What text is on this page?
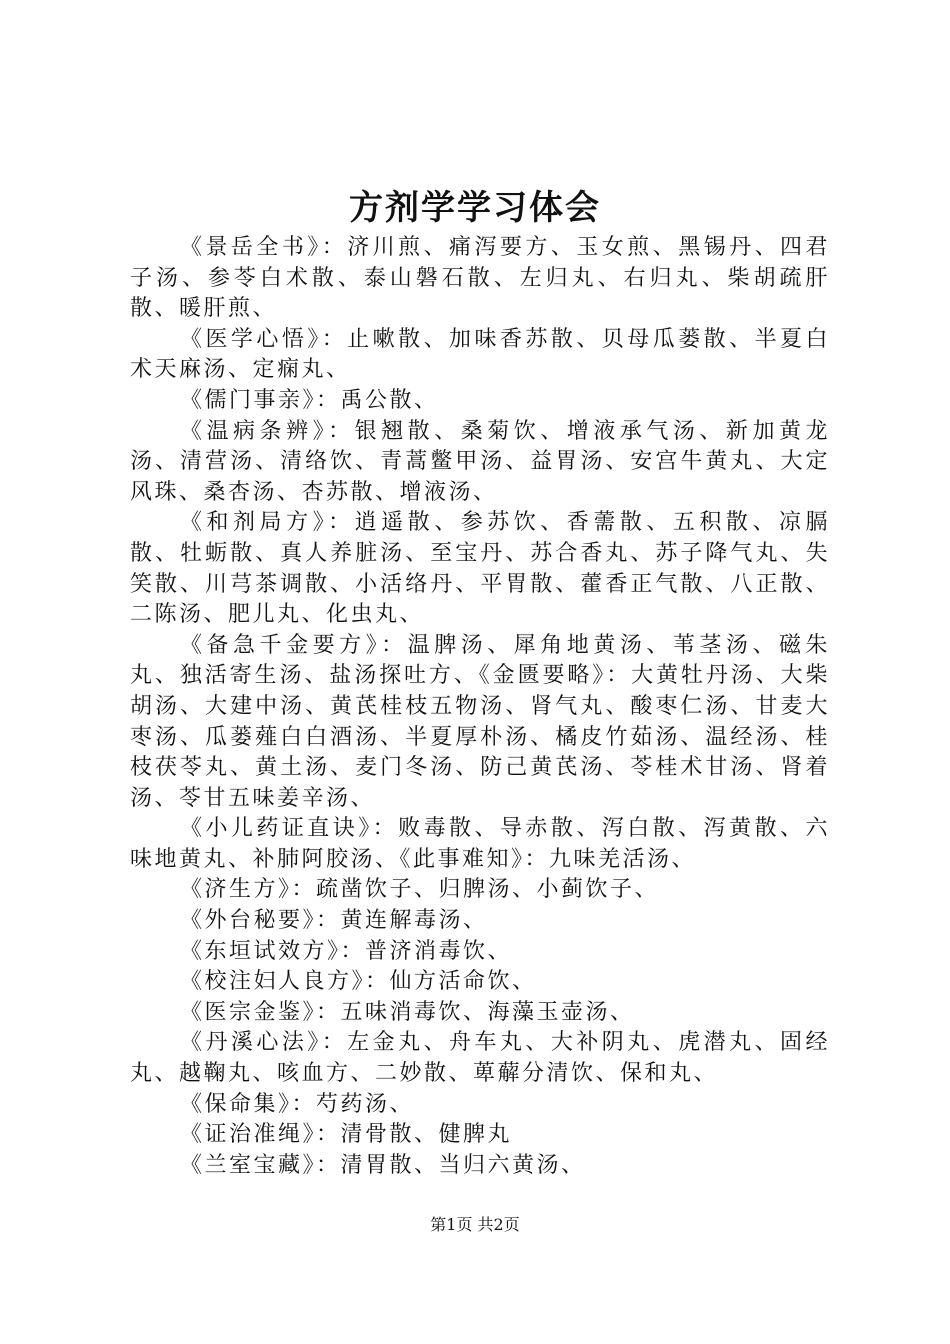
方剂学学习体会

《景岳全书》：济川煎、痛泻要方、玉女煎、黑锡丹、四君子汤、参苓白术散、泰山磐石散、左归丸、右归丸、柴胡疏肝散、暖肝煎、

《医学心悟》：止嗽散、加味香苏散、贝母瓜蒌散、半夏白术天麻汤、定痫丸、

《儒门事亲》：禹公散、

《温病条辨》：银翘散、桑菊饮、增液承气汤、新加黄龙汤、清营汤、清络饮、青蒿鳖甲汤、益胃汤、安宫牛黄丸、大定风珠、桑杏汤、杏苏散、增液汤、

《和剂局方》：逍遥散、参苏饮、香薷散、五积散、凉膈散、牡蛎散、真人养脏汤、至宝丹、苏合香丸、苏子降气丸、失笑散、川芎茶调散、小活络丹、平胃散、藿香正气散、八正散、二陈汤、肥儿丸、化虫丸、

《备急千金要方》：温脾汤、犀角地黄汤、苇茎汤、磁朱丸、独活寄生汤、盐汤探吐方、《金匮要略》：大黄牡丹汤、大柴胡汤、大建中汤、黄芪桂枝五物汤、肾气丸、酸枣仁汤、甘麦大枣汤、瓜蒌薤白白酒汤、半夏厚朴汤、橘皮竹茹汤、温经汤、桂枝茯苓丸、黄土汤、麦门冬汤、防己黄芪汤、苓桂术甘汤、肾着汤、苓甘五味姜辛汤、

《小儿药证直诀》：败毒散、导赤散、泻白散、泻黄散、六味地黄丸、补肺阿胶汤、《此事难知》：九味羌活汤、

《济生方》：疏凿饮子、归脾汤、小蓟饮子、

《外台秘要》：黄连解毒汤、

《东垣试效方》：普济消毒饮、

《校注妇人良方》：仙方活命饮、

《医宗金鉴》：五味消毒饮、海藻玉壶汤、

《丹溪心法》：左金丸、舟车丸、大补阴丸、虎潜丸、固经丸、越鞠丸、咳血方、二妙散、萆薢分清饮、保和丸、

《保命集》：芍药汤、

《证治准绳》：清骨散、健脾丸

《兰室宝藏》：清胃散、当归六黄汤、

第1页 共2页
